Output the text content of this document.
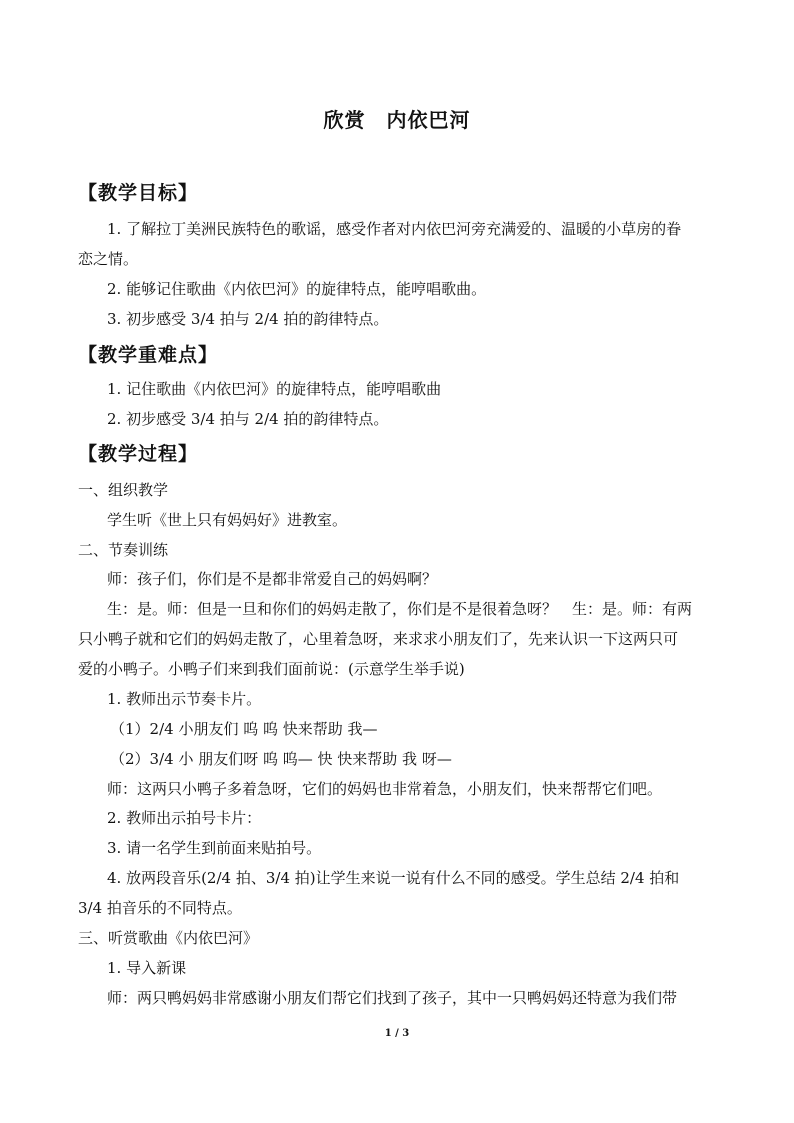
欣赏　内依巴河
【教学目标】
1. 了解拉丁美洲民族特色的歌谣，感受作者对内依巴河旁充满爱的、温暖的小草房的眷
恋之情。
2. 能够记住歌曲《内依巴河》的旋律特点，能哼唱歌曲。
3. 初步感受 3/4 拍与 2/4 拍的韵律特点。
【教学重难点】
1. 记住歌曲《内依巴河》的旋律特点，能哼唱歌曲
2. 初步感受 3/4 拍与 2/4 拍的韵律特点。
【教学过程】
一、组织教学
学生听《世上只有妈妈好》进教室。
二、节奏训练
师：孩子们，你们是不是都非常爱自己的妈妈啊？
生：是。师：但是一旦和你们的妈妈走散了，你们是不是很着急呀？　生：是。师：有两
只小鸭子就和它们的妈妈走散了，心里着急呀，来求求小朋友们了，先来认识一下这两只可
爱的小鸭子。小鸭子们来到我们面前说：(示意学生举手说)
1. 教师出示节奏卡片。
（1）2/4 小朋友们 呜 呜 快来帮助 我—
（2）3/4 小 朋友们呀 呜 呜— 快 快来帮助 我 呀—
师：这两只小鸭子多着急呀，它们的妈妈也非常着急，小朋友们，快来帮帮它们吧。
2. 教师出示拍号卡片：
3. 请一名学生到前面来贴拍号。
4. 放两段音乐(2/4 拍、3/4 拍)让学生来说一说有什么不同的感受。学生总结 2/4 拍和
3/4 拍音乐的不同特点。
三、听赏歌曲《内依巴河》
1. 导入新课
师：两只鸭妈妈非常感谢小朋友们帮它们找到了孩子，其中一只鸭妈妈还特意为我们带
1 / 3
